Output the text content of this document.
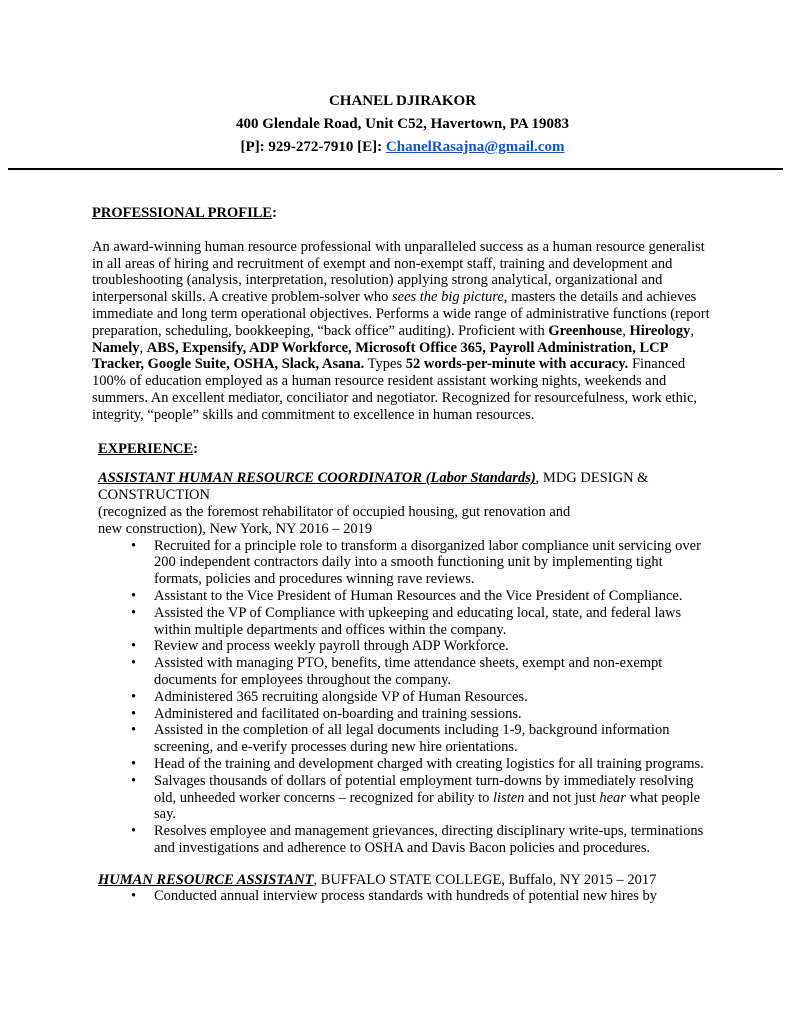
CHANEL DJIRAKOR
400 Glendale Road, Unit C52, Havertown, PA 19083
[P]: 929-272-7910 [E]: ChanelRasajna@gmail.com
PROFESSIONAL PROFILE:

An award-winning human resource professional with unparalleled success as a human resource generalist in all areas of hiring and recruitment of exempt and non-exempt staff, training and development and troubleshooting (analysis, interpretation, resolution) applying strong analytical, organizational and interpersonal skills. A creative problem-solver who sees the big picture, masters the details and achieves immediate and long term operational objectives. Performs a wide range of administrative functions (report preparation, scheduling, bookkeeping, “back office” auditing). Proficient with Greenhouse, Hireology, Namely, ABS, Expensify, ADP Workforce, Microsoft Office 365, Payroll Administration, LCP Tracker, Google Suite, OSHA, Slack, Asana. Types 52 words-per-minute with accuracy. Financed 100% of education employed as a human resource resident assistant working nights, weekends and summers. An excellent mediator, conciliator and negotiator. Recognized for resourcefulness, work ethic, integrity, “people” skills and commitment to excellence in human resources.

EXPERIENCE:
ASSISTANT HUMAN RESOURCE COORDINATOR (Labor Standards), MDG DESIGN & CONSTRUCTION
(recognized as the foremost rehabilitator of occupied housing, gut renovation and
new construction), New York, NY 2016 – 2019
• Recruited for a principle role to transform a disorganized labor compliance unit servicing over 200 independent contractors daily into a smooth functioning unit by implementing tight formats, policies and procedures winning rave reviews.
• Assistant to the Vice President of Human Resources and the Vice President of Compliance.
• Assisted the VP of Compliance with upkeeping and educating local, state, and federal laws within multiple departments and offices within the company.
• Review and process weekly payroll through ADP Workforce.
• Assisted with managing PTO, benefits, time attendance sheets, exempt and non-exempt documents for employees throughout the company.
• Administered 365 recruiting alongside VP of Human Resources.
• Administered and facilitated on-boarding and training sessions.
• Assisted in the completion of all legal documents including 1-9, background information screening, and e-verify processes during new hire orientations.
• Head of the training and development charged with creating logistics for all training programs.
• Salvages thousands of dollars of potential employment turn-downs by immediately resolving old, unheeded worker concerns – recognized for ability to listen and not just hear what people say.
• Resolves employee and management grievances, directing disciplinary write-ups, terminations and investigations and adherence to OSHA and Davis Bacon policies and procedures.
HUMAN RESOURCE ASSISTANT, BUFFALO STATE COLLEGE, Buffalo, NY 2015 – 2017
• Conducted annual interview process standards with hundreds of potential new hires by
